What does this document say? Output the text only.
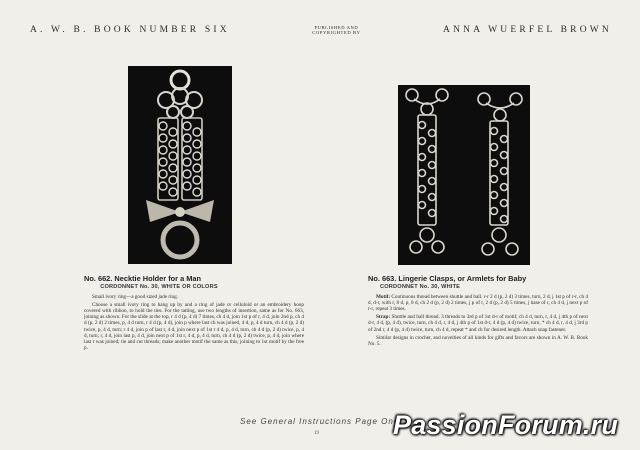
A. W. B. BOOK NUMBER SIX	PUBLISHED AND
COPYRIGHTED BY	ANNA WUERFEL BROWN
No. 662. Necktie Holder for a Man
CORDONNET No. 30, WHITE OR COLORS

Small ivory ring—a good sized jade ring.

Choose a small ivory ring to hang up by and a ring of jade or celluloid or an embroidery hoop covered with ribbon, to hold the ties. For the tatting, use two lengths of insertion, same as for No. 663, joining as shown. For the slide at the top, r 4 d (p, 4 d) 7 times, ch 4 d, join 1st p of r, 4 d, join 2nd p, ch 4 d (p, 2 d) 2 times, p, 4 d turn, r 4 d (p, 4 d), join p where last ch was joined, 4 d, p, 4 d turn, ch 4 d (p, 2 d) twice, p, 4 d, turn; r 4 d, join p of last r, 4 d, join next p of 1st r 4 d, p, 4 d, turn, ch 4 d (p, 2 d) twice, p, 4 d, turn; r, 4 d, join last p, 4 d, join next p of 1st r, 4 d, p, 4 d, turn, ch 4 d (p, 2 d) twice, p, 4 d, join where last r was joined; tie and cut threads; make another motif the same as this, joining to 1st motif by the free p.

No. 663. Lingerie Clasps, or Armlets for Baby
CORDONNET No. 30, WHITE

Motif: Continuous thread between shuttle and ball. r-r 2 d (p, 2 d) 3 times, turn, 2 d, j 1st p of r-r, ch 4 d, d-r, with r, 8 d, p, 8 d, ch 2 d (p, 2 d) 2 times, j p of r, 2 d (p, 2 d) 5 times, j base of r, ch 4 d, j next p of r-r, repeat 3 times.

Strap: Shuttle and ball thread. 3 threads to 3rd p of 1st d-r of motif, ch 4 d, turn, r, 4 d, j 4th p of next d-r, 4 d, (p, 4 d), twice, turn, ch 4 d, r, 4 d, j 4th p of 1st d-r, 4 d (p, 4 d) twice, turn, * ch 4 d, r, 4 d, j 3rd p of 2nd r, 4 d (p, 4 d) twice, turn, ch 4 d, repeat * and ch for desired length. Attach snap fastener.

Similar designs in crochet, and novelties of all kinds for gifts and favors are shown in A. W. B. Book No. 5.

See General Instructions Page One
19	PassionForum.ru
